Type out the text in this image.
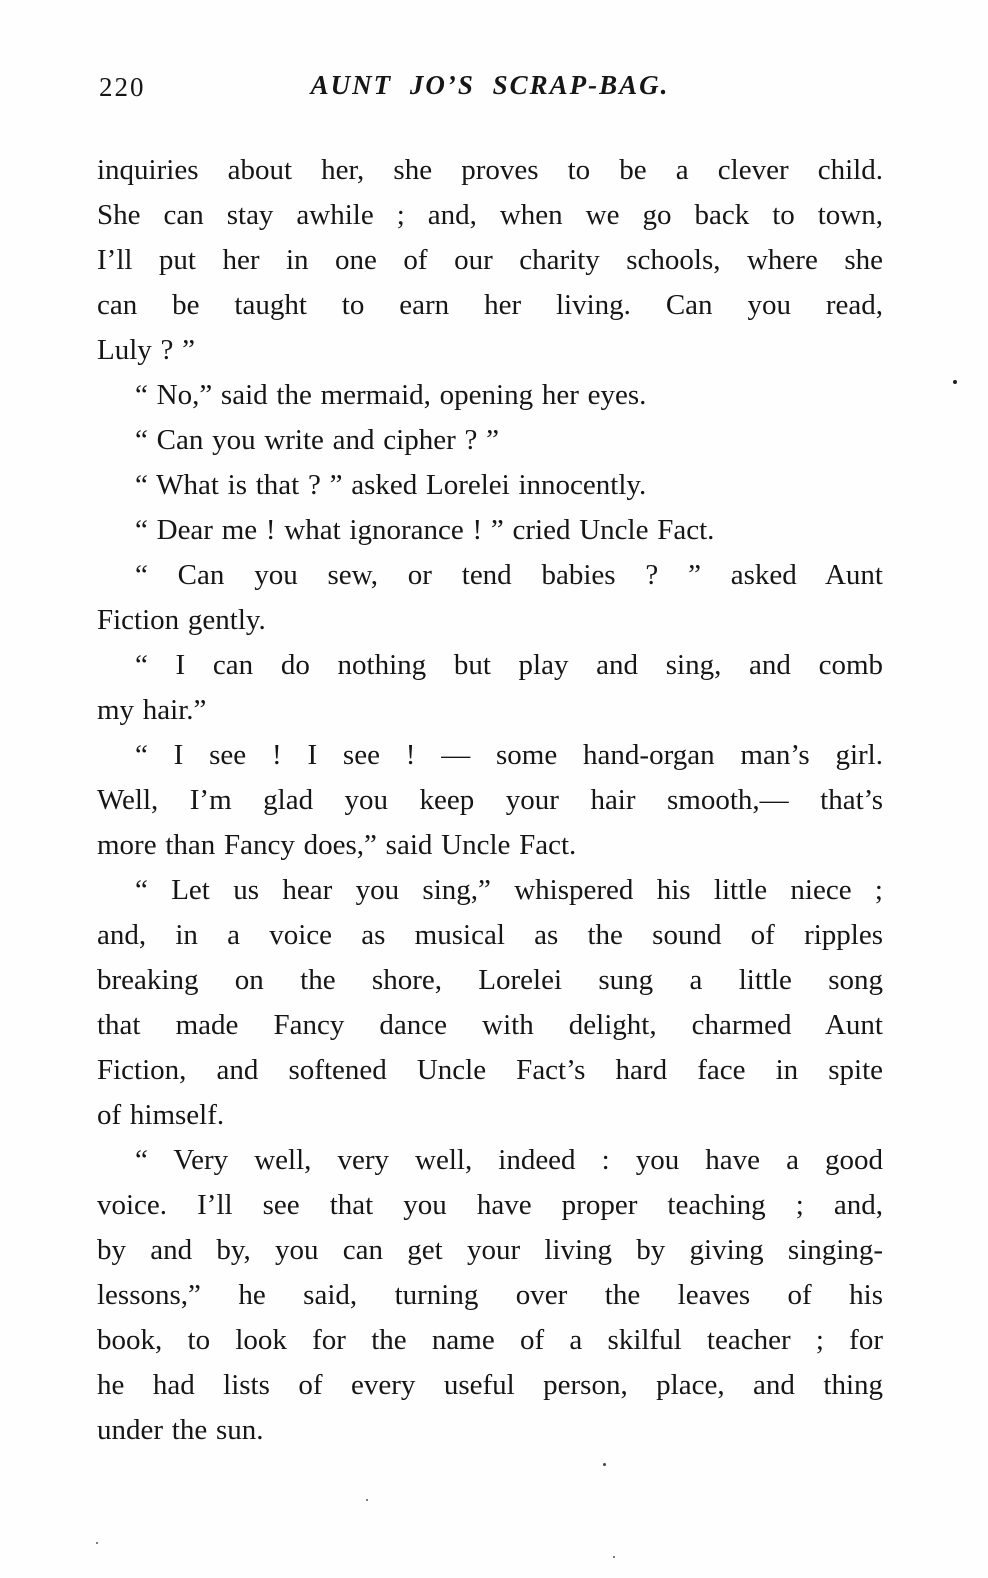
220	AUNT JO’S SCRAP-BAG.
inquiries about her, she proves to be a clever child.
She can stay awhile ; and, when we go back to town,
I’ll put her in one of our charity schools, where she
can be taught to earn her living. Can you read,
Luly ? ”
“ No,” said the mermaid, opening her eyes.
“ Can you write and cipher ? ”
“ What is that ? ” asked Lorelei innocently.
“ Dear me ! what ignorance ! ” cried Uncle Fact.
“ Can you sew, or tend babies ? ” asked Aunt
Fiction gently.
“ I can do nothing but play and sing, and comb
my hair.”
“ I see ! I see ! — some hand-organ man’s girl.
Well, I’m glad you keep your hair smooth,— that’s
more than Fancy does,” said Uncle Fact.
“ Let us hear you sing,” whispered his little niece ;
and, in a voice as musical as the sound of ripples
breaking on the shore, Lorelei sung a little song
that made Fancy dance with delight, charmed Aunt
Fiction, and softened Uncle Fact’s hard face in spite
of himself.
“ Very well, very well, indeed : you have a good
voice. I’ll see that you have proper teaching ; and,
by and by, you can get your living by giving singing-
lessons,” he said, turning over the leaves of his
book, to look for the name of a skilful teacher ; for
he had lists of every useful person, place, and thing
under the sun.
